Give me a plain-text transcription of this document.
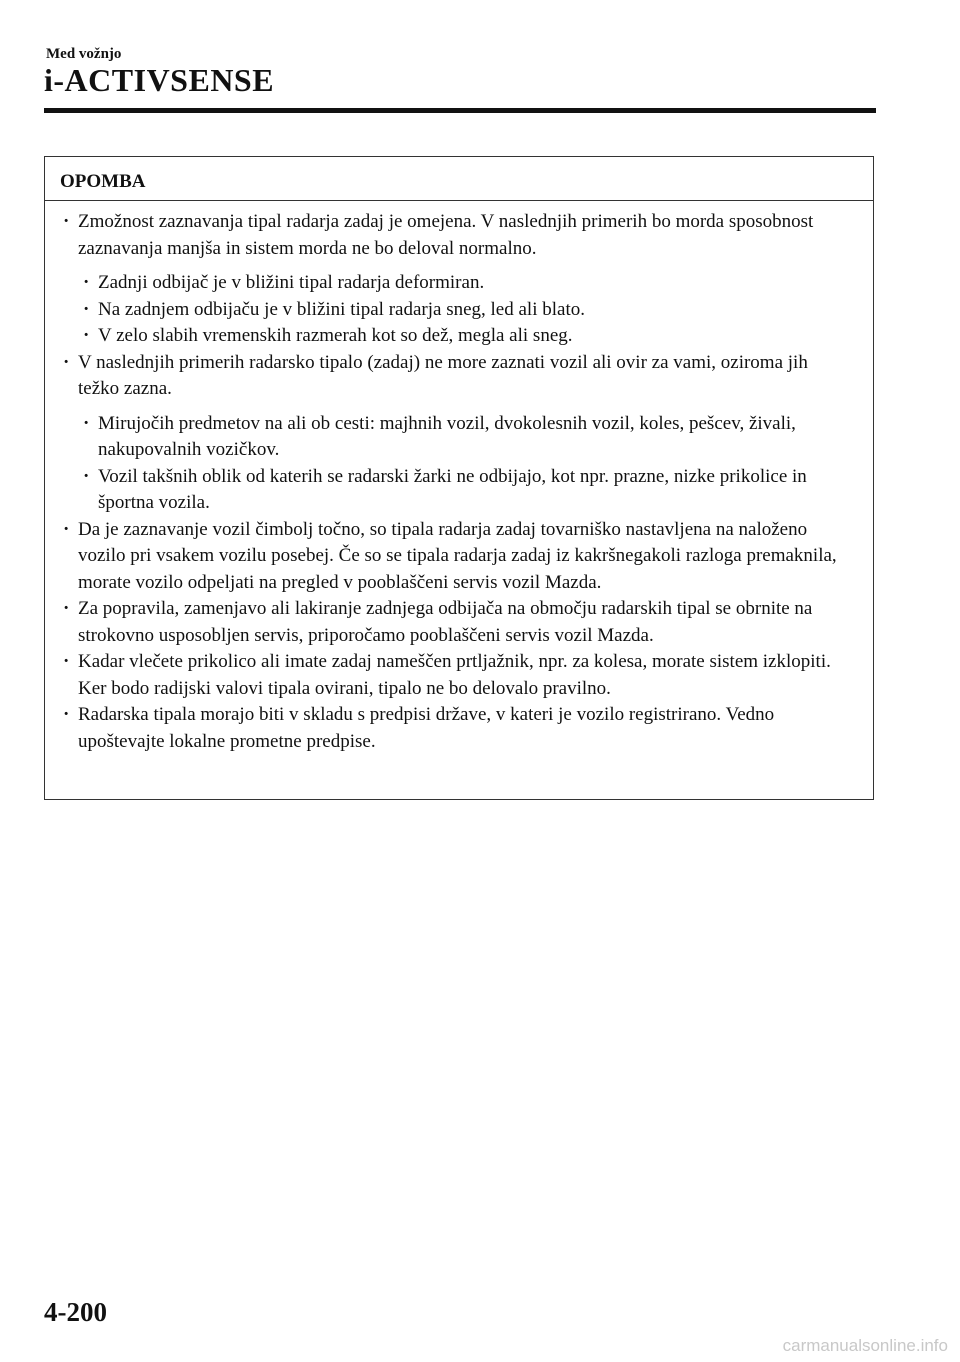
Med vožnjo
i-ACTIVSENSE
OPOMBA
· Zmožnost zaznavanja tipal radarja zadaj je omejena. V naslednjih primerih bo morda sposobnost zaznavanja manjša in sistem morda ne bo deloval normalno.
· Zadnji odbijač je v bližini tipal radarja deformiran.
· Na zadnjem odbijaču je v bližini tipal radarja sneg, led ali blato.
· V zelo slabih vremenskih razmerah kot so dež, megla ali sneg.
· V naslednjih primerih radarsko tipalo (zadaj) ne more zaznati vozil ali ovir za vami, oziroma jih težko zazna.
· Mirujočih predmetov na ali ob cesti: majhnih vozil, dvokolesnih vozil, koles, pešcev, živali, nakupovalnih vozičkov.
· Vozil takšnih oblik od katerih se radarski žarki ne odbijajo, kot npr. prazne, nizke prikolice in športna vozila.
· Da je zaznavanje vozil čimbolj točno, so tipala radarja zadaj tovarniško nastavljena na naloženo vozilo pri vsakem vozilu posebej. Če so se tipala radarja zadaj iz kakršnegakoli razloga premaknila, morate vozilo odpeljati na pregled v pooblaščeni servis vozil Mazda.
· Za popravila, zamenjavo ali lakiranje zadnjega odbijača na območju radarskih tipal se obrnite na strokovno usposobljen servis, priporočamo pooblaščeni servis vozil Mazda.
· Kadar vlečete prikolico ali imate zadaj nameščen prtljažnik, npr. za kolesa, morate sistem izklopiti. Ker bodo radijski valovi tipala ovirani, tipalo ne bo delovalo pravilno.
· Radarska tipala morajo biti v skladu s predpisi države, v kateri je vozilo registrirano. Vedno upoštevajte lokalne prometne predpise.
4-200
carmanualsonline.info
